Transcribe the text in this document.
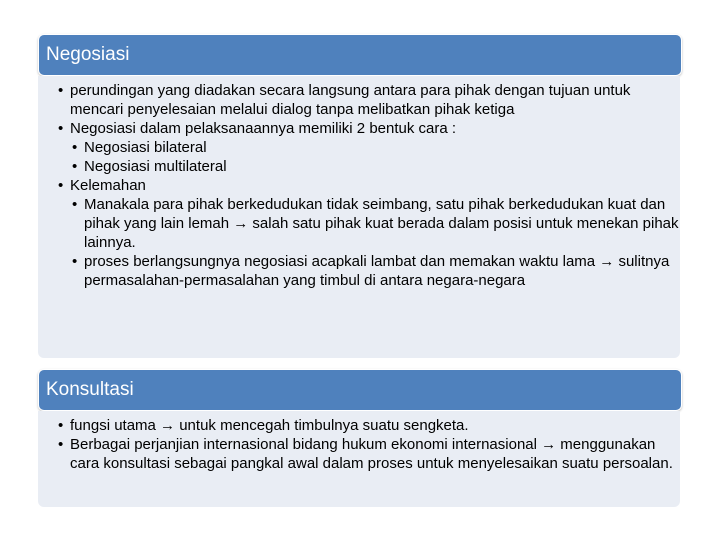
Negosiasi
• perundingan yang diadakan secara langsung antara para pihak dengan tujuan untuk mencari penyelesaian melalui dialog tanpa melibatkan pihak ketiga
• Negosiasi dalam pelaksanaannya memiliki 2 bentuk cara :
• Negosiasi bilateral
• Negosiasi multilateral
• Kelemahan
• Manakala para pihak berkedudukan tidak seimbang, satu pihak berkedudukan kuat dan pihak yang lain lemah → salah satu pihak kuat berada dalam posisi untuk menekan pihak lainnya.
• proses berlangsungnya negosiasi acapkali lambat dan memakan waktu lama → sulitnya permasalahan-permasalahan yang timbul di antara negara-negara
Konsultasi
• fungsi utama → untuk mencegah timbulnya suatu sengketa.
• Berbagai perjanjian internasional bidang hukum ekonomi internasional → menggunakan cara konsultasi sebagai pangkal awal dalam proses untuk menyelesaikan suatu persoalan.
